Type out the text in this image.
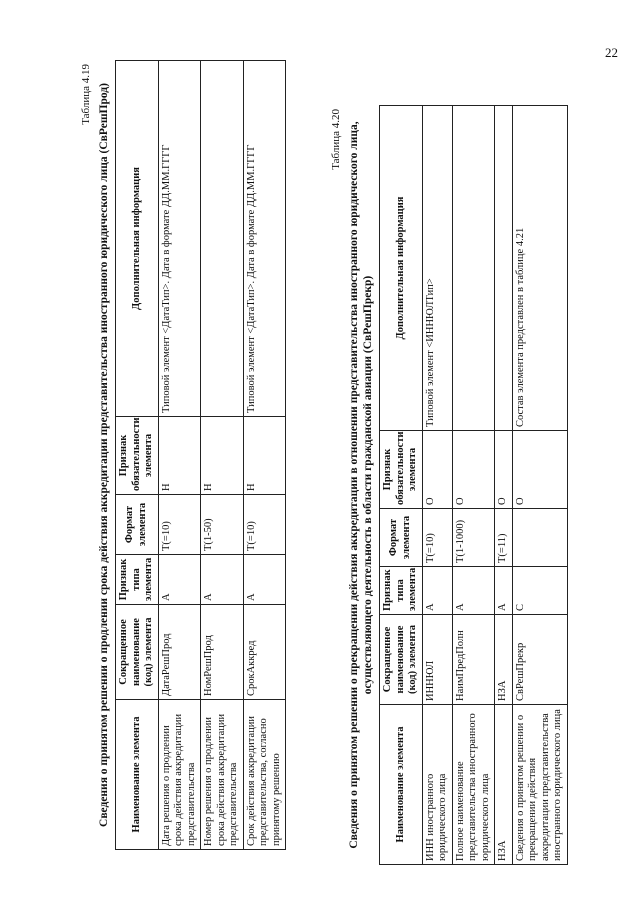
22
Таблица 4.19 Сведения о принятом решении о продлении срока действия аккредитации представительства иностранного юридического лица (СвРешПрод) Наименование элемента	Сокращенное наименование (код) элемента	Признак типа элемента	Формат элемента	Признак обязательности элемента	Дополнительная информация
Дата решения о продлении срока действия аккредитации представительства	ДатаРешПрод	А	T(=10)	Н	Типовой элемент <ДатаТип>. Дата в формате ДД.ММ.ГГГГ
Номер решения о продлении срока действия аккредитации представительства	НомРешПрод	А	T(1-50)	Н	
Срок действия аккредитации представительства, согласно принятому решению	СрокАккред	А	T(=10)	Н	Типовой элемент <ДатаТип>. Дата в формате ДД.ММ.ГГГГ
Таблица 4.20 Сведения о принятом решении о прекращении действия аккредитации в отношении представительства иностранного юридического лица, осуществляющего деятельность в области гражданской авиации (СвРешПрекр)
Наименование элемента	Сокращенное наименование (код) элемента	Признак типа элемента	Формат элемента	Признак обязательности элемента	Дополнительная информация
ИНН иностранного юридического лица	ИННЮЛ	А	T(=10)	О	Типовой элемент <ИННЮЛТип>
Полное наименование представительства иностранного юридического лица	НаимПредПолн	А	T(1-1000)	О	
НЗА	НЗА	А	T(=11)	О	
Сведения о принятом решении о прекращении действия аккредитации представительства иностранного юридического лица	СвРешПрекр	С		О	Состав элемента представлен в таблице 4.21
